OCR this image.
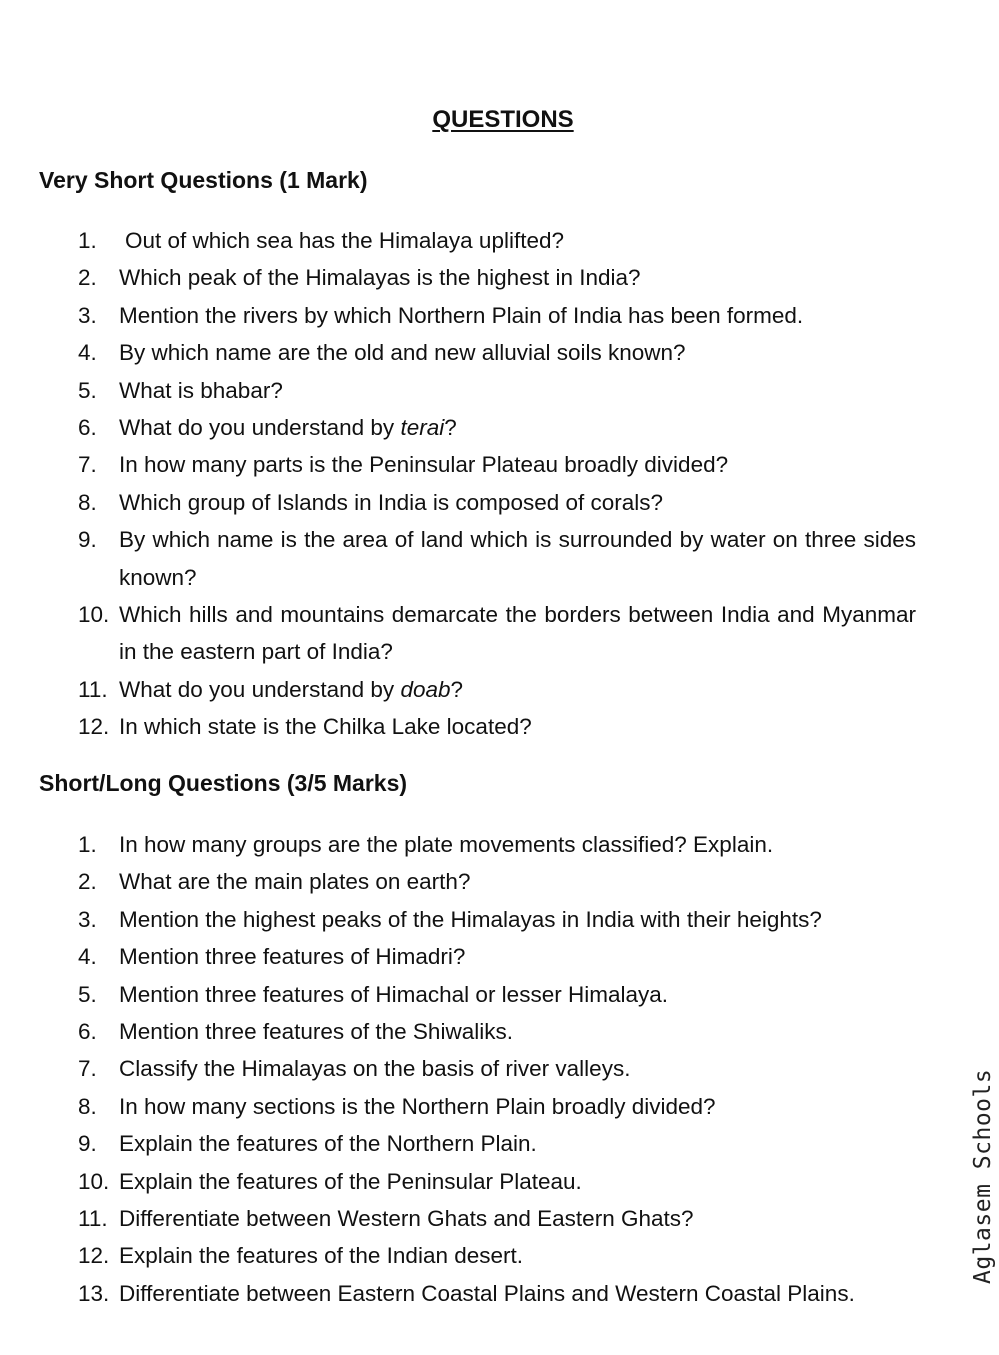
QUESTIONS
Very Short Questions (1 Mark)
1.	Out of which sea has the Himalaya uplifted?
2. Which peak of the Himalayas is the highest in India?
3. Mention the rivers by which Northern Plain of India has been formed.
4. By which name are the old and new alluvial soils known?
5. What is bhabar?
6. What do you understand by terai?
7. In how many parts is the Peninsular Plateau broadly divided?
8. Which group of Islands in India is composed of corals?
9. By which name is the area of land which is surrounded by water on three sides known?
10. Which hills and mountains demarcate the borders between India and Myanmar in the eastern part of India?
11. What do you understand by doab?
12. In which state is the Chilka Lake located?
Short/Long Questions (3/5 Marks)
1. In how many groups are the plate movements classified? Explain.
2. What are the main plates on earth?
3. Mention the highest peaks of the Himalayas in India with their heights?
4. Mention three features of Himadri?
5. Mention three features of Himachal or lesser Himalaya.
6. Mention three features of the Shiwaliks.
7. Classify the Himalayas on the basis of river valleys.
8. In how many sections is the Northern Plain broadly divided?
9. Explain the features of the Northern Plain.
10. Explain the features of the Peninsular Plateau.
11. Differentiate between Western Ghats and Eastern Ghats?
12. Explain the features of the Indian desert.
13. Differentiate between Eastern Coastal Plains and Western Coastal Plains.
Aglasem Schools
